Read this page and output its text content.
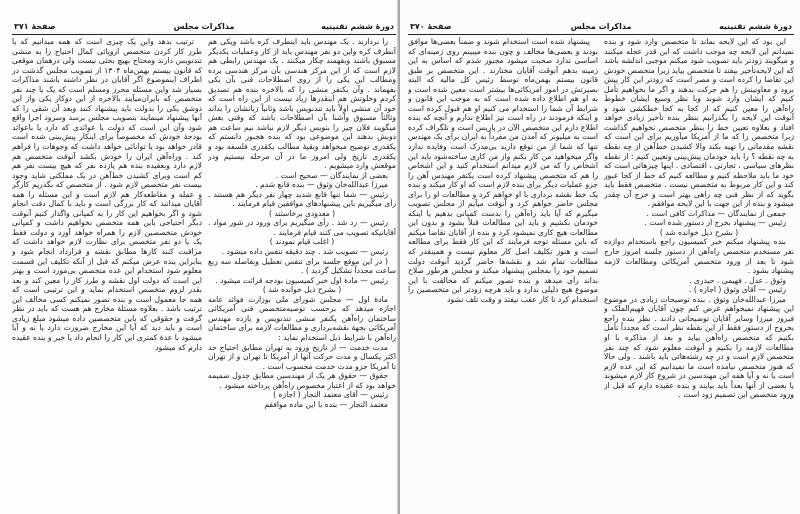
دورهٔ ششم تقنینیه
مذاکرات مجلس
صفحهٔ ۳۷۱

ترتیب بدهد واین یک چیزی است که همه میدانیم که با طرز کار کردن متخصص اروپائی کمال احتیاج را به منشی تندنویس دارند ومحتاج بهیچ بحثی نیست ولی درهمان موقعی که قانون بیستم بهمن‌ماه ۱۳۰۴ از تصویب مجلس گذشت در اطراف اینموضوع اگر آقایان در نظر داشته باشند مذاکرات بسیار شد واین مسئله محرز ومسلم است که یک یا چند نفر متخصص که بایران‌میآیند بالاخره از این دوکار یکی واز این دوشق یکی را بدولت باید پیشنهاد کنند وبعد آن شقی را که آنها پیشنهاد مینمایند بتصویب مجلس برسد وسرود اجرا واقع شود وآن این است که دولت با عوائدی که دارد یا باعوائد بودجهٔ خودش که مخصوصاً برای اینکار پیش‌بینی شده است قادر خواهد بود یا توانائی خواهد داشت که وجوهات را فراهم کند . وراه‌آهن ایران را خودش بکشد آنوقت متخصص هم لازم دارد وبعقیده بنده هم یازده نفر که هیچ بیست نفر هم کم است وبرای کشیدن خط‌آهن در یک مملکتی شاید وجود بیست نفر متخصص لازم شود . از متخصص که بگذریم کارگر و عمله و مقاطعه‌کار هم لازم است و این مسئله را همه آقایان میدانند که کار بزرگی است و باید با کمال دقت انجام شود و اگر بخواهیم این کار را به کمپانی واگذار کنیم آنوقت دیگر احتیاجی باین همه متخصص نخواهیم داشت و کمپانی خودش متخصصین لازم را همراه خواهد آورد و دولت فقط یک یا دو نفر متخصص برای نظارت لازم خواهد داشت که مراقبت کنند کارها مطابق نقشه و قرارداد انجام شود و بنابراین بنده عرض میکنم که قبل از آنکه تکلیف این قسمت معلوم شود استخدام این عده متخصص بی‌مورد است و بهتر این است که دولت اول نقشه و طرز کار را معین کند و بعد بقدر لزوم متخصص استخدام نماید و این ترتیبی است که همه جا معمول است و بنده تصور نمیکنم کسی مخالف این ترتیب باشد . بعلاوه مسئلهٔ مخارج هم هست که باید در نظر گرفت و حقوقی که باین متخصصین داده میشود مبلغ زیادی است و باید دید که آیا این مخارج ضرورت دارد یا نه و آیا میشود با عدهٔ کمتری این کار را انجام داد یا خیر و بنده عقیده دارم که میشود

را بردارند . یک مهندس باید اینطرف کره باشد ویکی هم آنطرف کره واین دو نفر مهندس باید از کار وعملیات یکدیگر مسبوق باشند وبفهمند چکار میکنند . یک مهندس رابطی هم لازم است که از این مرکز هندسی بآن مرکز هندسی برده ومطالب این یکی را از روی اصطلاحات فنی بآن یکی بفهماند . وآن یکنفر منشی را که بالاخره بنده هم تصدیق کردم وخلوتش هم اینقدرها زیاد نیست از این راه است که خود آن منشی اولاً باید تندنویس باشد وثانیاً زبانشان را بداند وثالثاً مسبوق وآشنا بآن اصطلاحات باشد که وقتی بغش میگویند فلان چیز را بنویس دیگر لازم نباشد نیم ساعت هم دوبش بدهند این موضوعی بود که بنده هجبور دانستم که یکقدری توضیح میخواهد وبقیهٔ مطالب یکقدری فلسفه بود و یکقدری تاریخ ولی امروز ما در آن مرحله نیستیم ودر موقعش وارد میشویم .

بعضی از نمایندگان — صحیح است .

میرزا عبدالله‌خان وثوق — بنده قانع شدم .

رئیس — شما تنها قانع شدید چهار نفر دیگر هم هستند . رأی میگیریم باین پیشنهادهای موافقین قیام فرمایند .

( معدودی برخاستند )

رئیس — رد شد . رأی میگیریم برای ورود در شور مواد . آقایانیکه تصویب می کنند قیام فرمایند .

( اغلب قیام نمودند )

رئیس — تصویب شد . چند دقیقه تنفس داده میشود .

( در این موقع جلسه برای تنفس تعطیل وبفاصله سه ربع ساعت مجدداً تشکیل گردید ) .

رئیس — مادهٔ اول خبر کمیسیون بودجه قرائت میشود .

( بشرح ذیل خوانده شد )

مادهٔ اول — مجلس شورای ملی بوزارت فوائد عامه اجازه میدهد که برحسب توصیه‌متخصص فنی آمریکائی ساختمان راه‌آهن یکنفر منشی تندنویس و یازده مهندس آمریکائی بجهة نقشه‌برداری و مطالعات لازمه برای ساختمان راه‌آهن با شرایط ذیل استخدام نماید :

مدت خدمت — از تاریخ ورود به تهران مطابق احتیاج حد اکثر یکسال و مدت حرکت آنها از آمریکا تا تهران و از تهران تا آمریکا جزو مدت خدمت محسوب است .

حقوق — حقوق هر یک از مهندسین مطابق جدول ضمیمه خواهد بود که از اعتبار مخصوص راه‌آهن پرداخته میشود .

رئیس — آقای معتمد التجار ( اجازه )

معتمد التجار — بنده با این ماده موافقم

دورهٔ ششم تقنینیه
مذاکرات مجلس
صفحهٔ ۳۷۰

پیشنهاد شده است استخدام شوند و ضمناً بعضی‌ها موافق بودند و بعضی‌ها مخالف و چون بنده میبینم روی زمینه‌ای که اساسی ندارد صحبت میشود مجبور شدم که اساس به این زمینه بدهم آنوقت آقایان مختارند . این متخصص بر طبق قانون بیستم بهمن‌ماه توسط رئیس کل مالیه که البته بصیرتش در امور امریکائی‌ها بیشتر است معین شده است و به او هم اطلاع داده شده است که به موجب این قانون و شرایط آن شما را استخدام می کنیم او هم قبول کرده است و اینکه فرمودند در راه است نیز اطلاع ندارم و آنچه که بنده اطلاع دارم این متخصص الآن در پاریس است و تلگراف کرده است به میلیونر که آمدن من مفرداً به ایران برای یک مهندس تنها که شما از من توقع دارید بی‌مدرک است وفایده ندارد واگر میخواهید من کار بکنم واز من کاری ساخته‌شود باید این اشخاص را که من لازم میدانم استخدام کنید و این اشخاص را هم که متخصص پیشنهاد کرده است یکنفر مهندس آهن را جزو عملیات دیگر برای بنده لازم است که او کار میکند و بنده یک خط نقشه برداری با او خواهم کرد و مطالعات او را برای مجلس حاضر خواهم کرد و آنوقت میآیم از مجلس تصویب میگیرم که آیا باید راه‌آهن را بدست کمپانی بدهیم یا اینکه خودمان بکشیم و باید این مطالعات قبلاً بشود و بدون این مطالعات هیچ کاری نمیشود کرد و بنده از آقایان تقاضا میکنم که باین مسئله توجه فرمایند که این کار فقط برای مطالعه است و هنوز تکلیف اصل کار معلوم نیست و همینقدر که مطالعات تمام شد و نقشه‌ها حاضر گردید آنوقت دولت تصمیم خود را بمجلس پیشنهاد میکند و مجلس هرطور صلاح بداند رأی میدهد و بنده تصور میکنم که مخالفت با این موضوع هیچ دلیلی ندارد و باید هرچه زودتر این متخصصین را استخدام کرد تا کار عقب نیفتد و وقت تلف نشود

این بود که این لایحه بماند تا متخصص وارد شود و بنده نمیدانم این لایحه چه موجب داشت که این قدر عجله میکنند و میگویند زودتر باید تصویب شود میکنم موجبی اندلشه باشد که این لایحه‌تأخیر بیفتد تا متخصص بیاید زیرا متخصص خودش این تقاضا را کرده است و مصر است که زودتر این کار پیش برود و معاونینش را هم حرکت بدهند و اگر ما بخواهیم تأمل کنیم که ایشان وارد شوند وبا نظر وسیع ایشان خطوط راه‌آهن را معین کنیم که از کجا به کجا خطکشی شود و آنوقت این لایحه را بگذرانیم بنظر بنده تأخیر زیادی خواهد افتاد و بعلاوه تعیین خط را بنظر متخصص نخواهیم گذاشت زیرا متخصص را که ما از آمریکا میآوریم برای این است که نقشه مقدماتی را تهیه بکند والا کشیدن خط‌آهن از چه نقطه به چه نقطه ؟ را باید خودمان پیش‌بینی وتعیین کنیم : از نقطه نظرهای سیاسی ، تجارتی ، اقتصادی . اینها چیزهائی است که خود ما باید ملاحظه کنیم و مطالعه کنیم که خط از کجا عبور کند و این کار مربوط به متخصص نیست . متخصص فقط باید بگوید که از نظر فنی چه راهی بهتر است و خرج آن چقدر میشود و بنده از این جهت با این لایحه موافقم .

جمعی از نمایندگان — مذاکرات کافی است .

رئیس — پیشنهاد بخرج از دستور شده است .

( بشرح ذیل خوانده شد )

بنده پیشنهاد میکنم خبر کمیسیون راجع باستخدام دوازده نفر مستخدم متخصص راه‌آهن از دستور جلسه امروز خارج شود تا بعد از ورود متخصص آمریکائی ومطالعات لازمه پیشنهاد بشود .

وثوق . عدل . فهیمی . حیدری .

رئیس — آقای وثوق ( اجازه ) .

میرزا عبدالله‌خان وثوق . بنده توضیحات زیادی در موضوع این پیشنهاد نمیخواهم عرض کنم چون آقایان فهیم‌الملک و فیروز میرزا وسایر آقایان توضیحاتی دادند . نظر بنده راجع بخروج از دستور فقط از این نقطه نظر است که مجدداً تأمل بکنیم که متخصص راه‌آهن بیاید و بعد از مذاکره با او مطالعات لازمه را بکنیم و آنوقت معلوم شود که چند نفر متخصص لازم است و در چه رشته‌هائی باید باشند . ولی حالا که هنوز متخصص نیامده است ما نمیدانیم که این عده لازم است یا نه و آیا همه این مهندسین در شروع کار لازم میشوند یا بعضی از آنها بعداً باید بیایند و بنده عقیده دارم که قبل از ورود متخصص این تصمیم زود است .
